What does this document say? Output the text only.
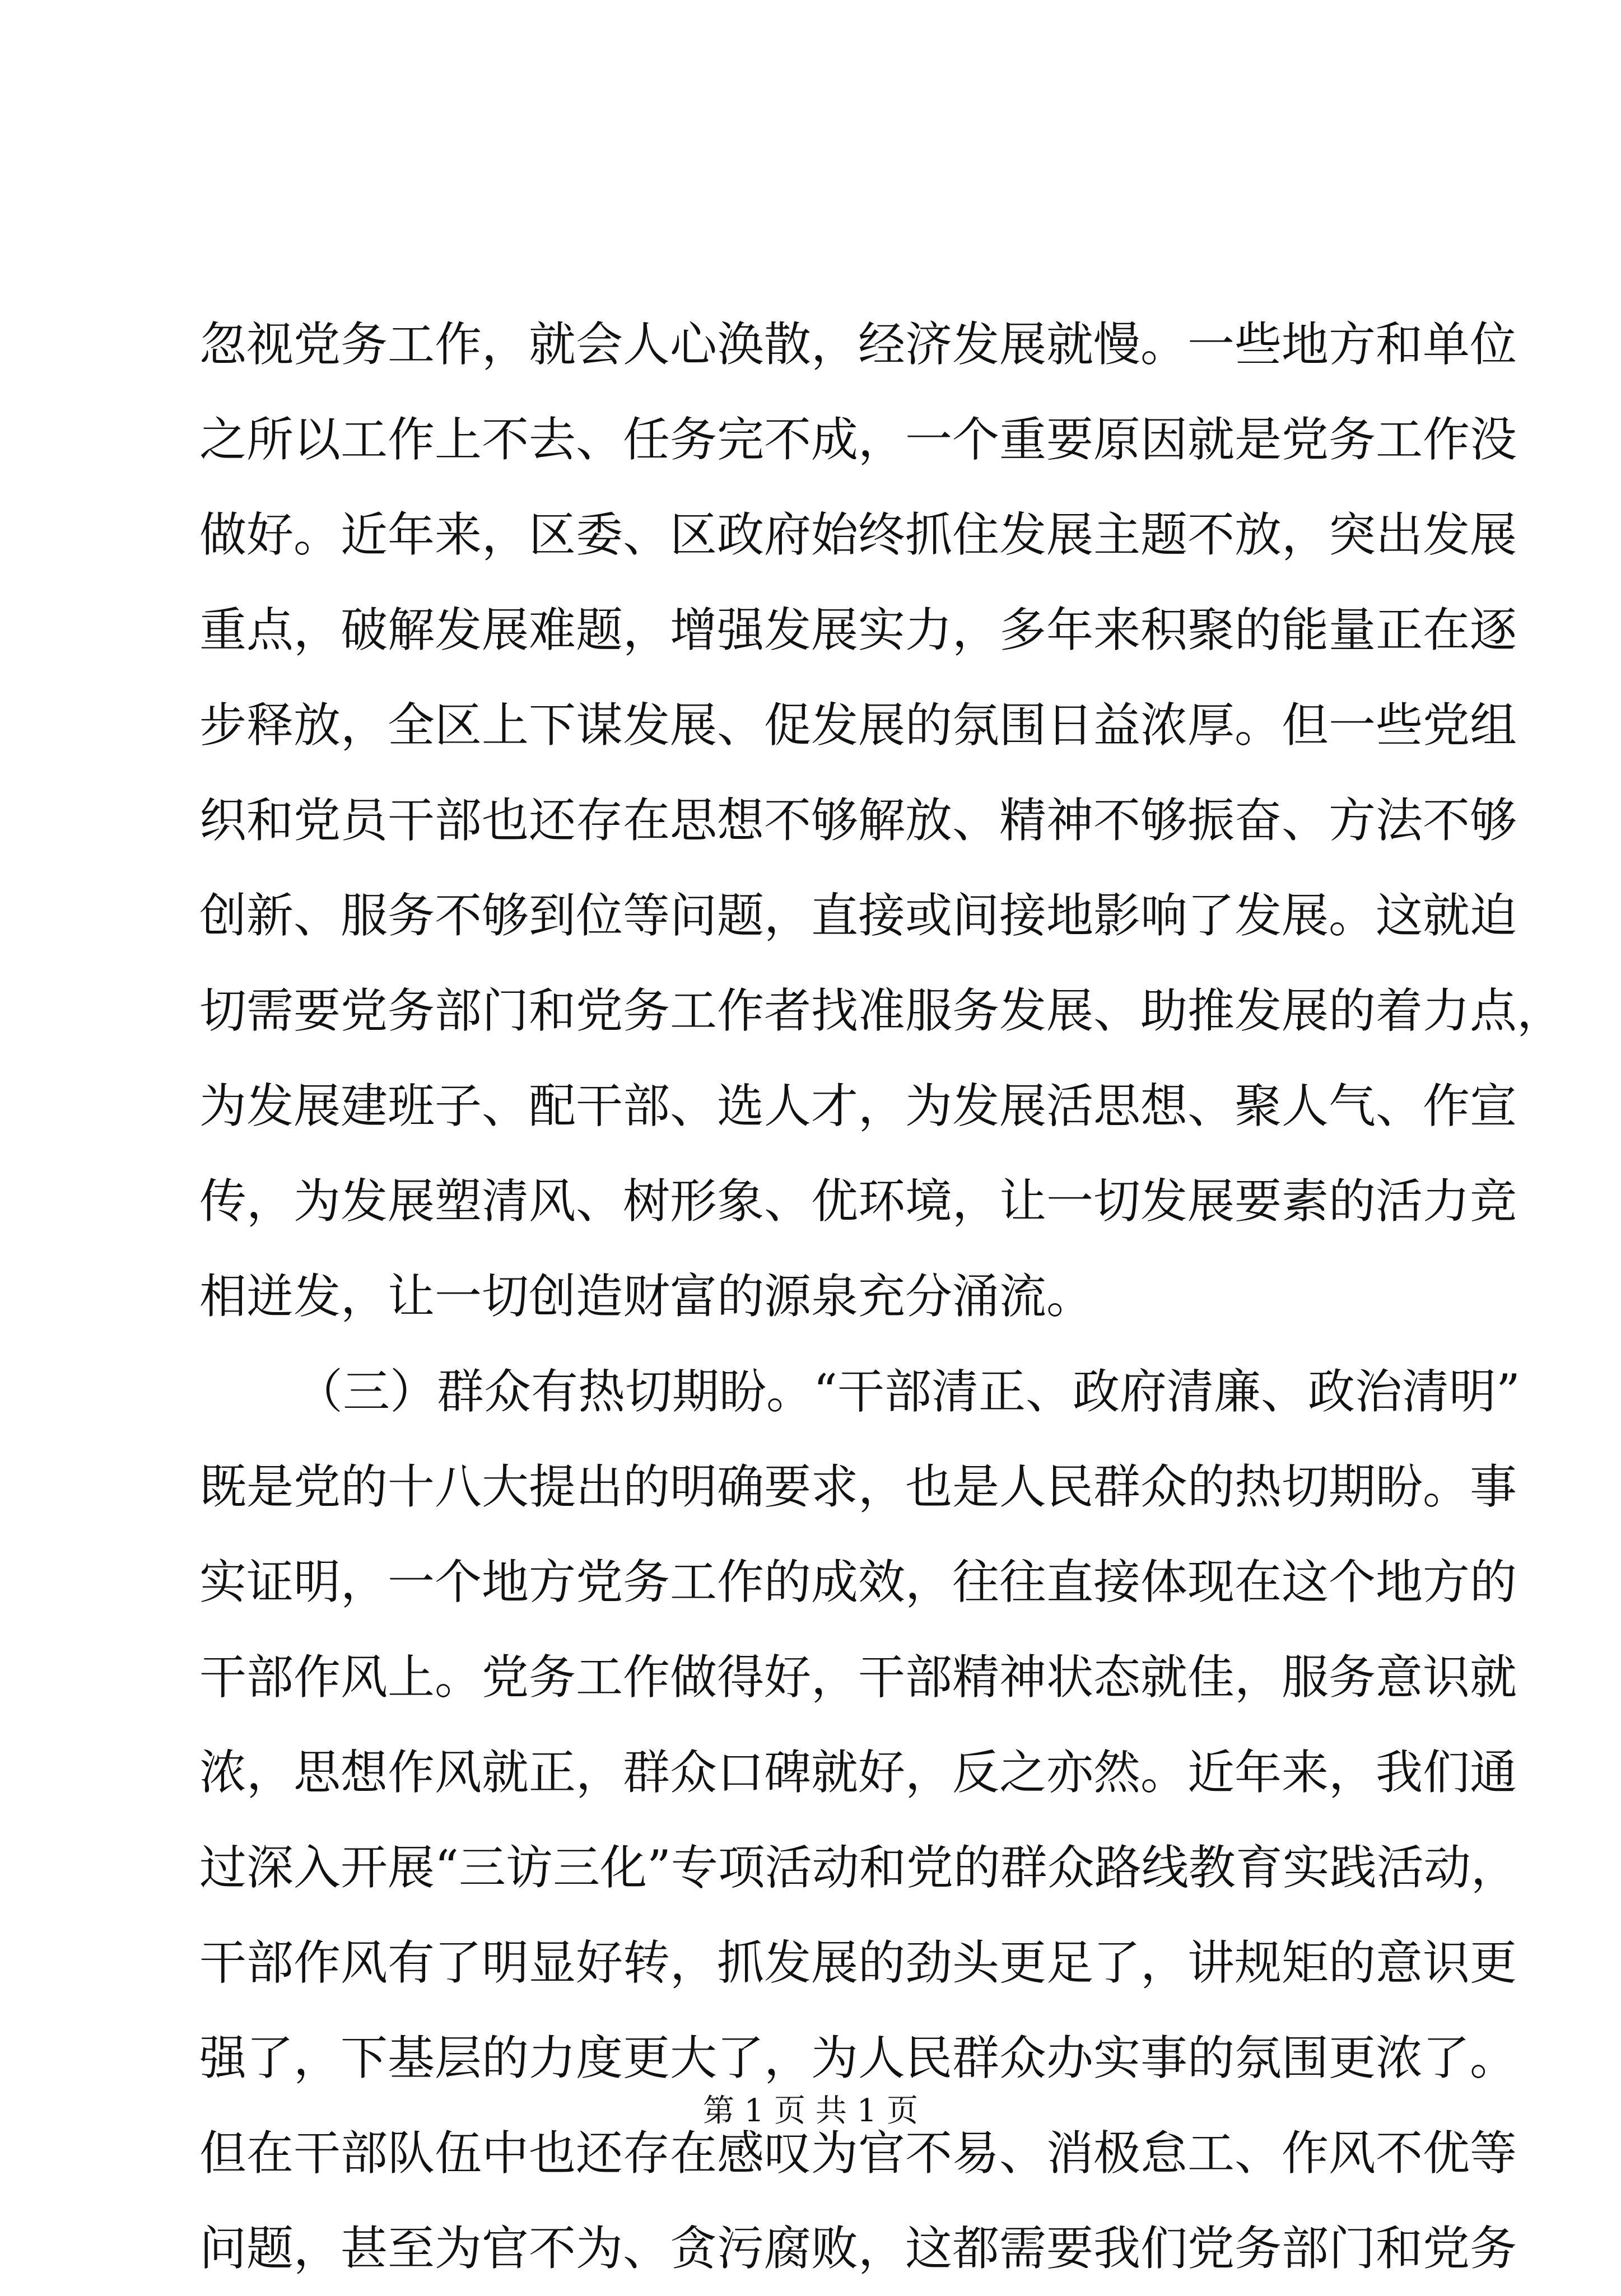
忽视党务工作，就会人心涣散，经济发展就慢。一些地方和单位
之所以工作上不去、任务完不成，一个重要原因就是党务工作没
做好。近年来，区委、区政府始终抓住发展主题不放，突出发展
重点，破解发展难题，增强发展实力，多年来积聚的能量正在逐
步释放，全区上下谋发展、促发展的氛围日益浓厚。但一些党组
织和党员干部也还存在思想不够解放、精神不够振奋、方法不够
创新、服务不够到位等问题，直接或间接地影响了发展。这就迫
切需要党务部门和党务工作者找准服务发展、助推发展的着力点，
为发展建班子、配干部、选人才，为发展活思想、聚人气、作宣
传，为发展塑清风、树形象、优环境，让一切发展要素的活力竞
相迸发，让一切创造财富的源泉充分涌流。
（三）群众有热切期盼。“干部清正、政府清廉、政治清明”
既是党的十八大提出的明确要求，也是人民群众的热切期盼。事
实证明，一个地方党务工作的成效，往往直接体现在这个地方的
干部作风上。党务工作做得好，干部精神状态就佳，服务意识就
浓，思想作风就正，群众口碑就好，反之亦然。近年来，我们通
过深入开展“三访三化”专项活动和党的群众路线教育实践活动，
干部作风有了明显好转，抓发展的劲头更足了，讲规矩的意识更
强了，下基层的力度更大了，为人民群众办实事的氛围更浓了。
但在干部队伍中也还存在感叹为官不易、消极怠工、作风不优等
问题，甚至为官不为、贪污腐败，这都需要我们党务部门和党务
第 1 页 共 1 页
